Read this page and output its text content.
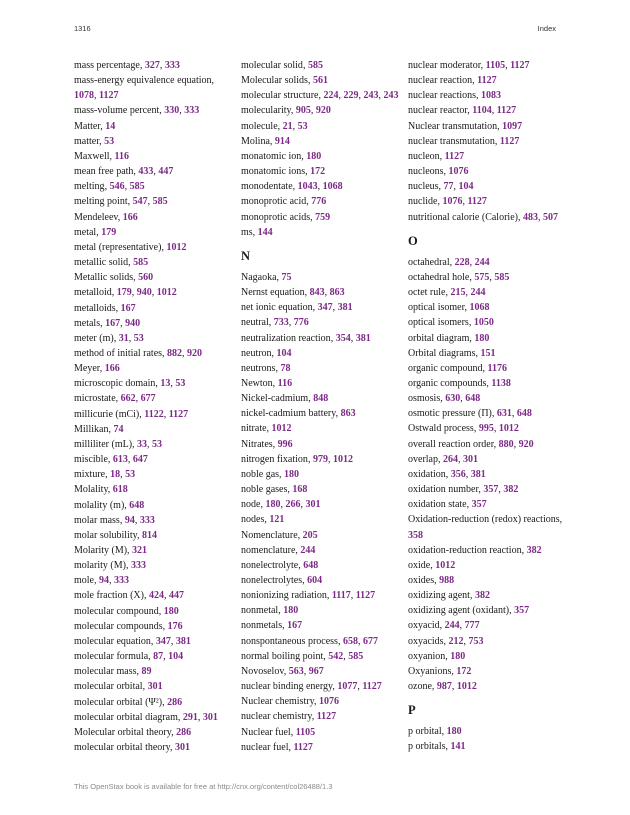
1316	Index

mass percentage, 327, 333

mass-energy equivalence equation, 1078, 1127

mass-volume percent, 330, 333

Matter, 14

matter, 53

Maxwell, 116

mean free path, 433, 447

melting, 546, 585

melting point, 547, 585

Mendeleev, 166

metal, 179

metal (representative), 1012

metallic solid, 585

Metallic solids, 560

metalloid, 179, 940, 1012

metalloids, 167

metals, 167, 940

meter (m), 31, 53

method of initial rates, 882, 920

Meyer, 166

microscopic domain, 13, 53

microstate, 662, 677

millicurie (mCi), 1122, 1127

Millikan, 74

milliliter (mL), 33, 53

miscible, 613, 647

mixture, 18, 53

Molality, 618

molality (m), 648

molar mass, 94, 333

molar solubility, 814

Molarity (M), 321

molarity (M), 333

mole, 94, 333

mole fraction (X), 424, 447

molecular compound, 180

molecular compounds, 176

molecular equation, 347, 381

molecular formula, 87, 104

molecular mass, 89

molecular orbital, 301

molecular orbital (Ψ²), 286

molecular orbital diagram, 291, 301

Molecular orbital theory, 286

molecular orbital theory, 301

molecular solid, 585

Molecular solids, 561

molecular structure, 224, 229, 243, 243

molecularity, 905, 920

molecule, 21, 53

Molina, 914

monatomic ion, 180

monatomic ions, 172

monodentate, 1043, 1068

monoprotic acid, 776

monoprotic acids, 759

ms, 144

N

Nagaoka, 75

Nernst equation, 843, 863

net ionic equation, 347, 381

neutral, 733, 776

neutralization reaction, 354, 381

neutron, 104

neutrons, 78

Newton, 116

Nickel-cadmium, 848

nickel-cadmium battery, 863

nitrate, 1012

Nitrates, 996

nitrogen fixation, 979, 1012

noble gas, 180

noble gases, 168

node, 180, 266, 301

nodes, 121

Nomenclature, 205

nomenclature, 244

nonelectrolyte, 648

nonelectrolytes, 604

nonionizing radiation, 1117, 1127

nonmetal, 180

nonmetals, 167

nonspontaneous process, 658, 677

normal boiling point, 542, 585

Novoselov, 563, 967

nuclear binding energy, 1077, 1127

Nuclear chemistry, 1076

nuclear chemistry, 1127

Nuclear fuel, 1105

nuclear fuel, 1127

nuclear moderator, 1105, 1127

nuclear reaction, 1127

nuclear reactions, 1083

nuclear reactor, 1104, 1127

Nuclear transmutation, 1097

nuclear transmutation, 1127

nucleon, 1127

nucleons, 1076

nucleus, 77, 104

nuclide, 1076, 1127

nutritional calorie (Calorie), 483, 507

O

octahedral, 228, 244

octahedral hole, 575, 585

octet rule, 215, 244

optical isomer, 1068

optical isomers, 1050

orbital diagram, 180

Orbital diagrams, 151

organic compound, 1176

organic compounds, 1138

osmosis, 630, 648

osmotic pressure (Π), 631, 648

Ostwald process, 995, 1012

overall reaction order, 880, 920

overlap, 264, 301

oxidation, 356, 381

oxidation number, 357, 382

oxidation state, 357

Oxidation-reduction (redox) reactions, 358

oxidation-reduction reaction, 382

oxide, 1012

oxides, 988

oxidizing agent, 382

oxidizing agent (oxidant), 357

oxyacid, 244, 777

oxyacids, 212, 753

oxyanion, 180

Oxyanions, 172

ozone, 987, 1012

P

p orbital, 180

p orbitals, 141

This OpenStax book is available for free at http://cnx.org/content/col26488/1.3
